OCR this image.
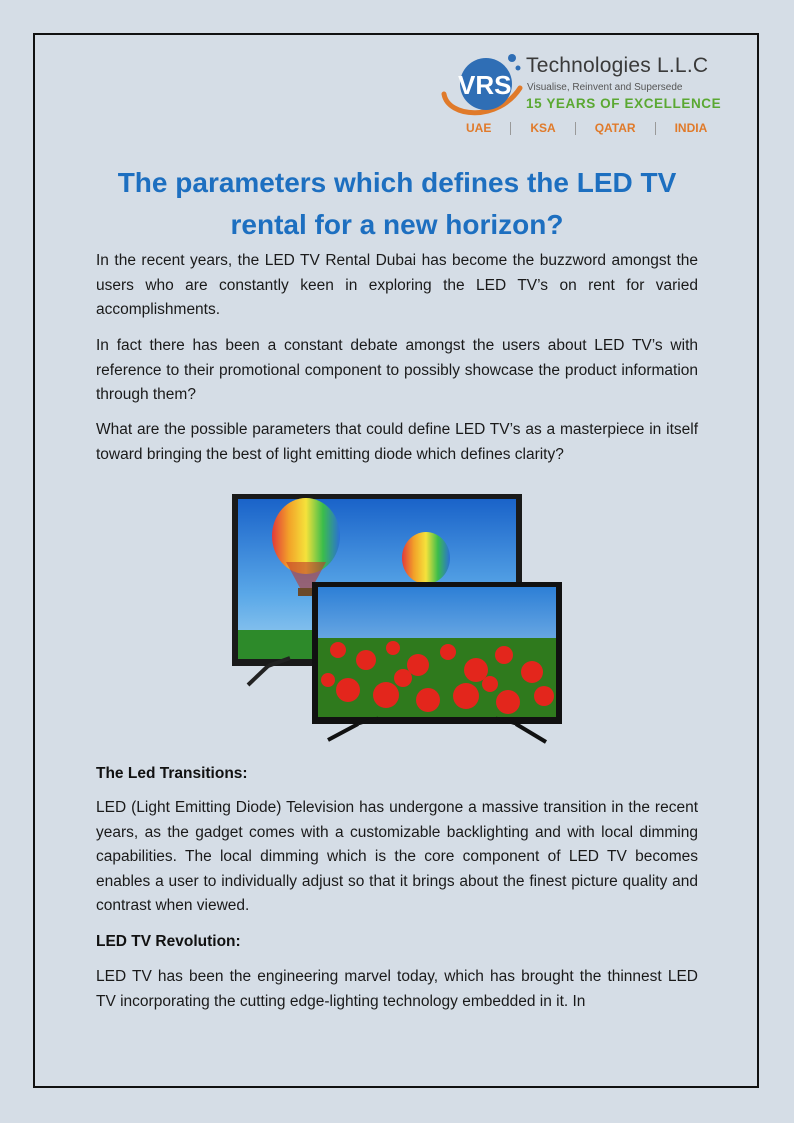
VRS
Technologies L.L.C
Visualise, Reinvent and Supersede
15 YEARS OF EXCELLENCE
UAE	KSA	QATAR	INDIA
The parameters which defines the LED TV rental for a new horizon?

In the recent years, the LED TV Rental Dubai has become the buzzword amongst the users who are constantly keen in exploring the LED TV’s on rent for varied accomplishments.

In fact there has been a constant debate amongst the users about LED TV’s with reference to their promotional component to possibly showcase the product information through them?

What are the possible parameters that could define LED TV’s as a masterpiece in itself toward bringing the best of light emitting diode which defines clarity?

The Led Transitions:

LED (Light Emitting Diode) Television has undergone a massive transition in the recent years, as the gadget comes with a customizable backlighting and with local dimming capabilities. The local dimming which is the core component of LED TV becomes enables a user to individually adjust so that it brings about the finest picture quality and contrast when viewed.

LED TV Revolution:

LED TV has been the engineering marvel today, which has brought the thinnest LED TV incorporating the cutting edge-lighting technology embedded in it. In
